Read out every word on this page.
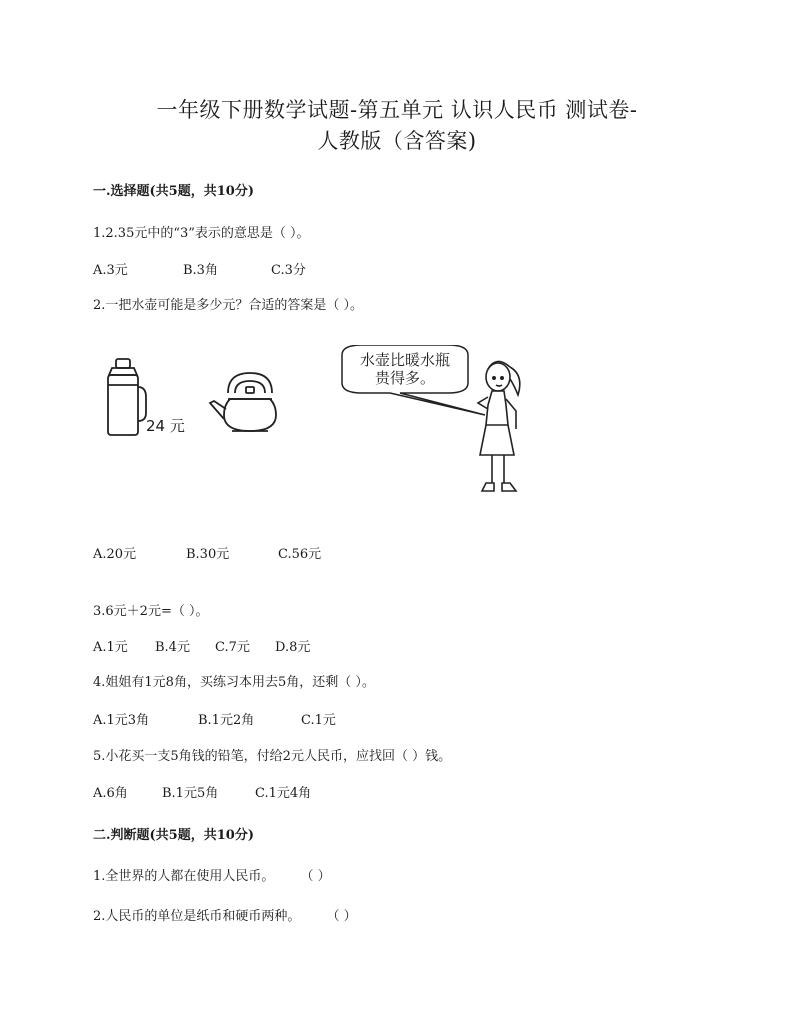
一年级下册数学试题-第五单元 认识人民币 测试卷-
人教版（含答案)
一.选择题(共5题，共10分)
1.2.35元中的“3”表示的意思是（ ）。
A.3元	B.3角	C.3分
2.一把水壶可能是多少元？合适的答案是（ ）。
24 元
水壶比暖水瓶
贵得多。
A.20元	B.30元	C.56元
3.6元＋2元=（ ）。
A.1元 B.4元 C.7元 D.8元
4.姐姐有1元8角，买练习本用去5角，还剩（ ）。
A.1元3角	B.1元2角	C.1元
5.小花买一支5角钱的铅笔，付给2元人民币，应找回（ ）钱。
A.6角	B.1元5角	C.1元4角
二.判断题(共5题，共10分)
1.全世界的人都在使用人民币。 （ ）
2.人民币的单位是纸币和硬币两种。 （ ）
